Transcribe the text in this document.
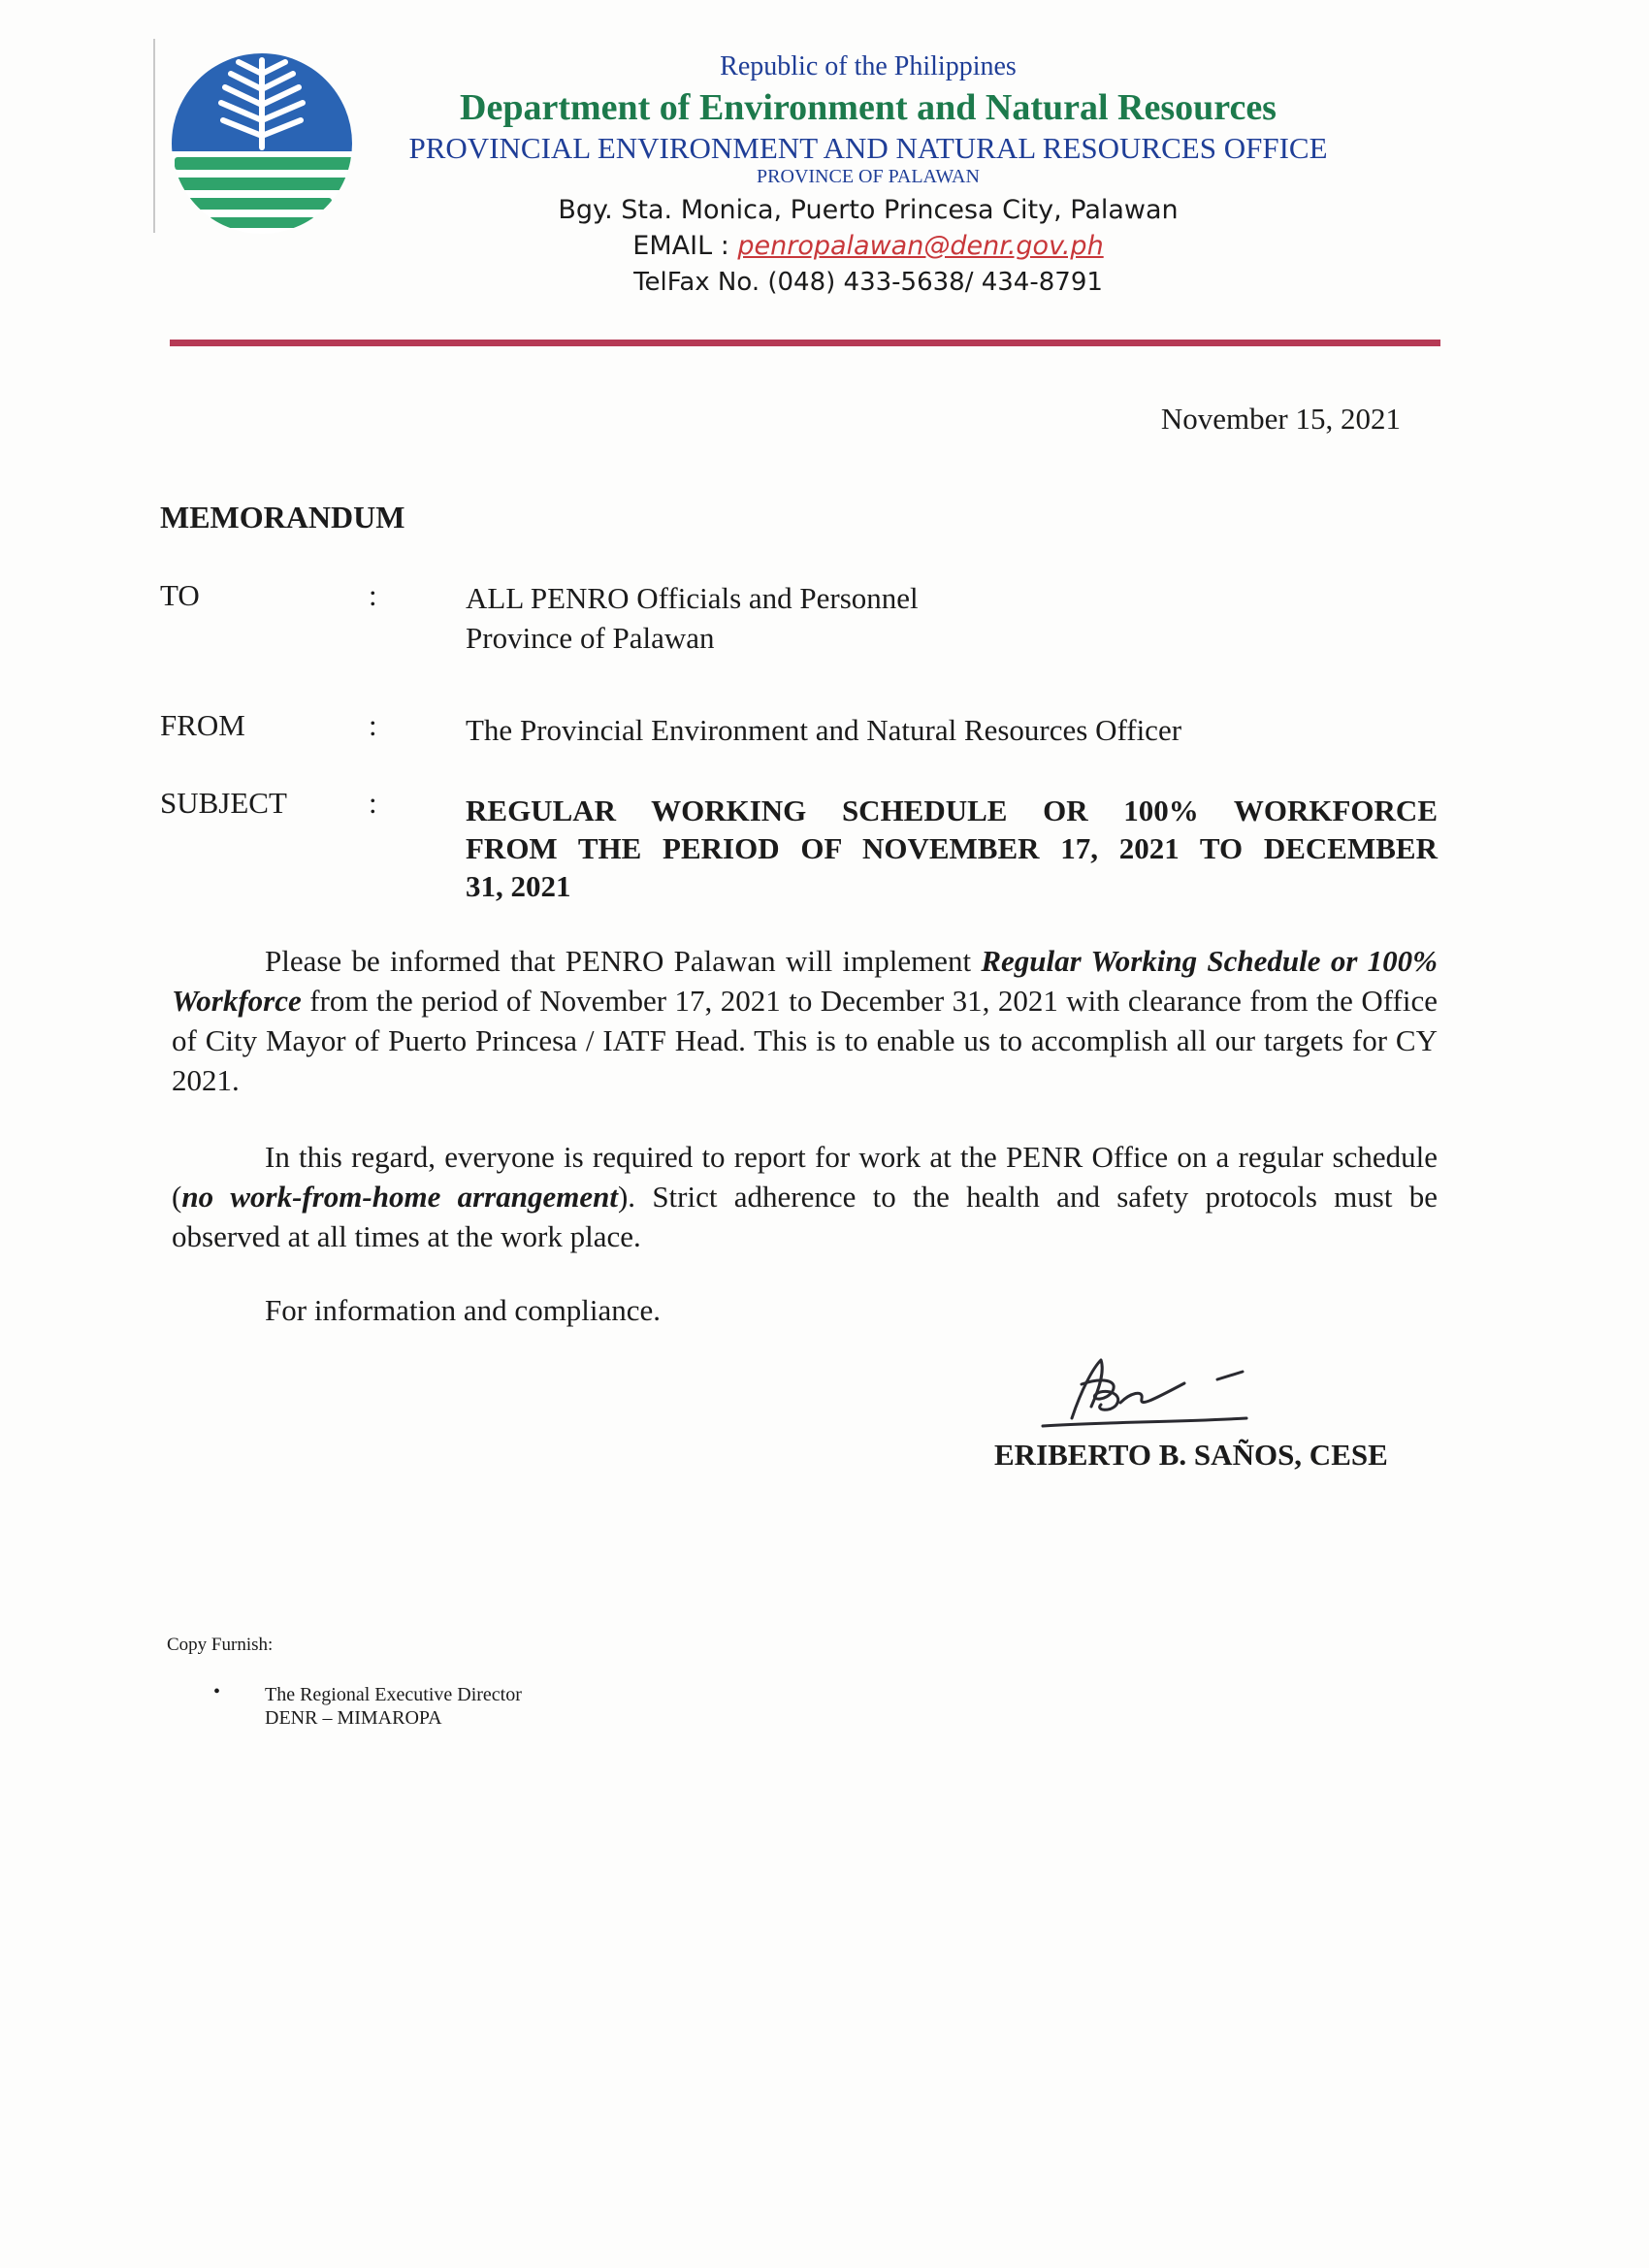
Republic of the Philippines
Department of Environment and Natural Resources
PROVINCIAL ENVIRONMENT AND NATURAL RESOURCES OFFICE
PROVINCE OF PALAWAN
Bgy. Sta. Monica, Puerto Princesa City, Palawan
EMAIL : penropalawan@denr.gov.ph
TelFax No. (048) 433-5638/ 434-8791
November 15, 2021
MEMORANDUM
TO	:	ALL PENRO Officials and Personnel
Province of Palawan
FROM	:	The Provincial Environment and Natural Resources Officer
SUBJECT	:	REGULAR WORKING SCHEDULE OR 100% WORKFORCE
FROM THE PERIOD OF NOVEMBER 17, 2021 TO DECEMBER
31, 2021
Please be informed that PENRO Palawan will implement Regular Working Schedule or 100% Workforce from the period of November 17, 2021 to December 31, 2021 with clearance from the Office of City Mayor of Puerto Princesa / IATF Head. This is to enable us to accomplish all our targets for CY 2021.
In this regard, everyone is required to report for work at the PENR Office on a regular schedule (no work-from-home arrangement). Strict adherence to the health and safety protocols must be observed at all times at the work place.
For information and compliance.
ERIBERTO B. SAÑOS, CESE
Copy Furnish:
• The Regional Executive Director
DENR – MIMAROPA
